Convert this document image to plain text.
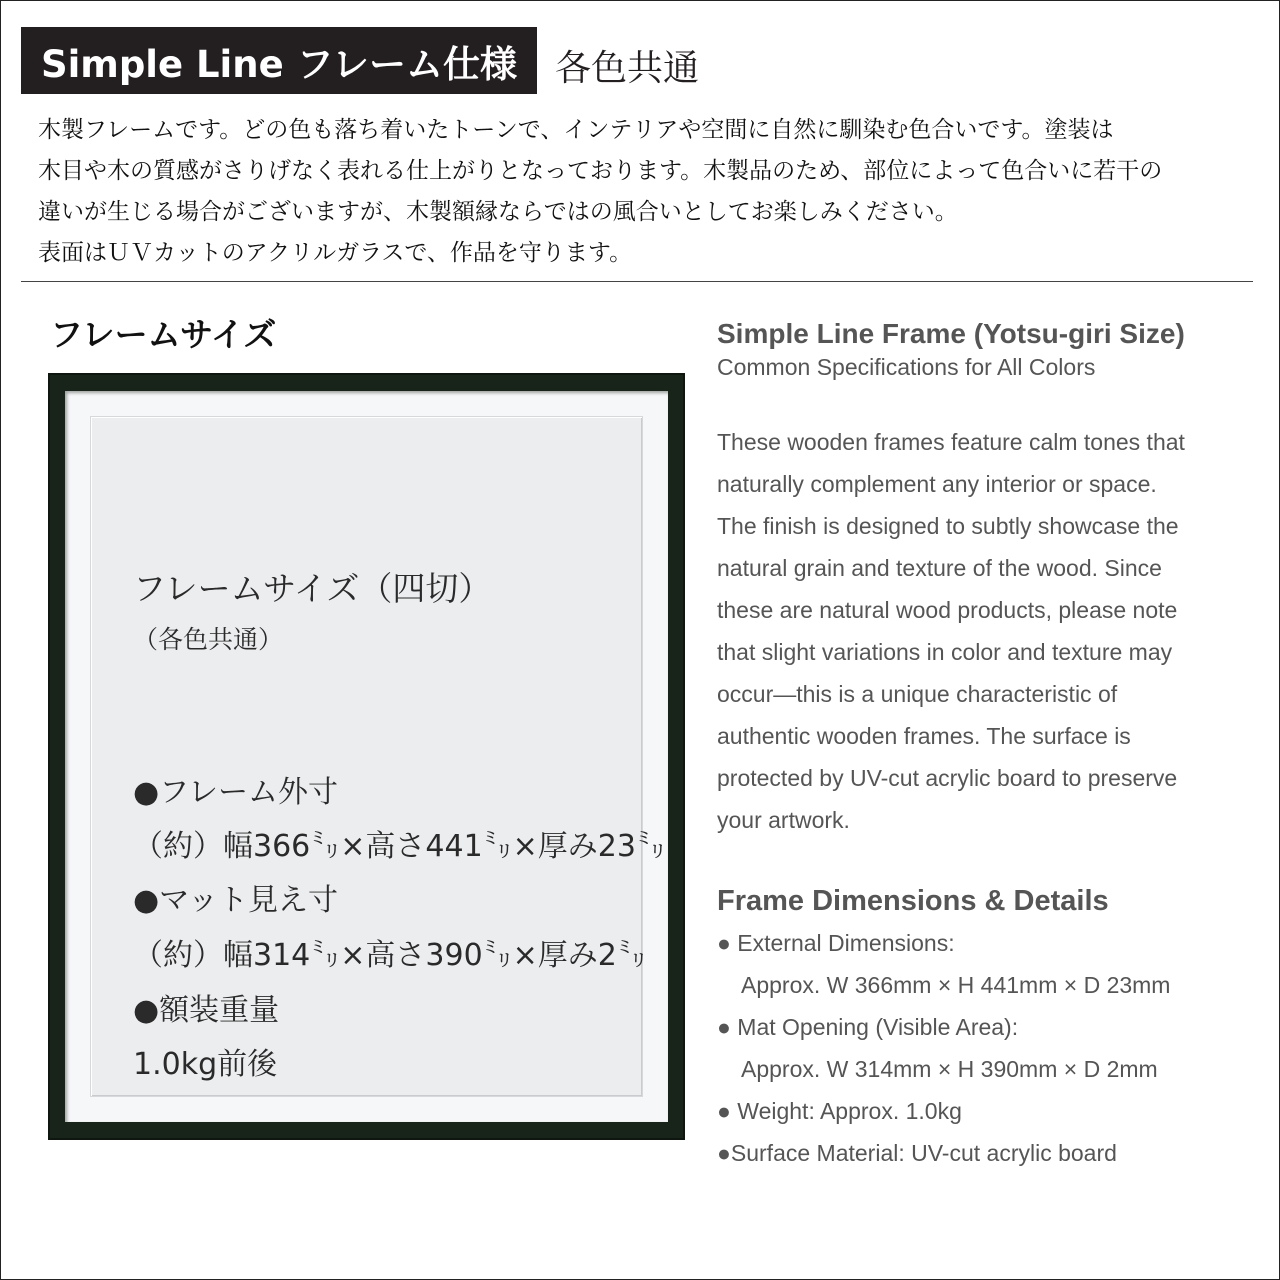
Simple Line フレーム仕様 各色共通

木製フレームです。どの色も落ち着いたトーンで、インテリアや空間に自然に馴染む色合いです。塗装は

木目や木の質感がさりげなく表れる仕上がりとなっております。木製品のため、部位によって色合いに若干の

違いが生じる場合がございますが、木製額縁ならではの風合いとしてお楽しみください。

表面はＵＶカットのアクリルガラスで、作品を守ります。

フレームサイズ
フレームサイズ（四切）
（各色共通）
●フレーム外寸
（約）幅366㍉×高さ441㍉×厚み23㍉
●マット見え寸
（約）幅314㍉×高さ390㍉×厚み2㍉
●額装重量
1.0kg前後
Simple Line Frame (Yotsu-giri Size)
Common Specifications for All Colors
These wooden frames feature calm tones that
naturally complement any interior or space.
The finish is designed to subtly showcase the
natural grain and texture of the wood. Since
these are natural wood products, please note
that slight variations in color and texture may
occur—this is a unique characteristic of
authentic wooden frames. The surface is
protected by UV-cut acrylic board to preserve
your artwork.
Frame Dimensions & Details
● External Dimensions:
Approx. W 366mm × H 441mm × D 23mm
● Mat Opening (Visible Area):
Approx. W 314mm × H 390mm × D 2mm
● Weight: Approx. 1.0kg
●Surface Material: UV-cut acrylic board
